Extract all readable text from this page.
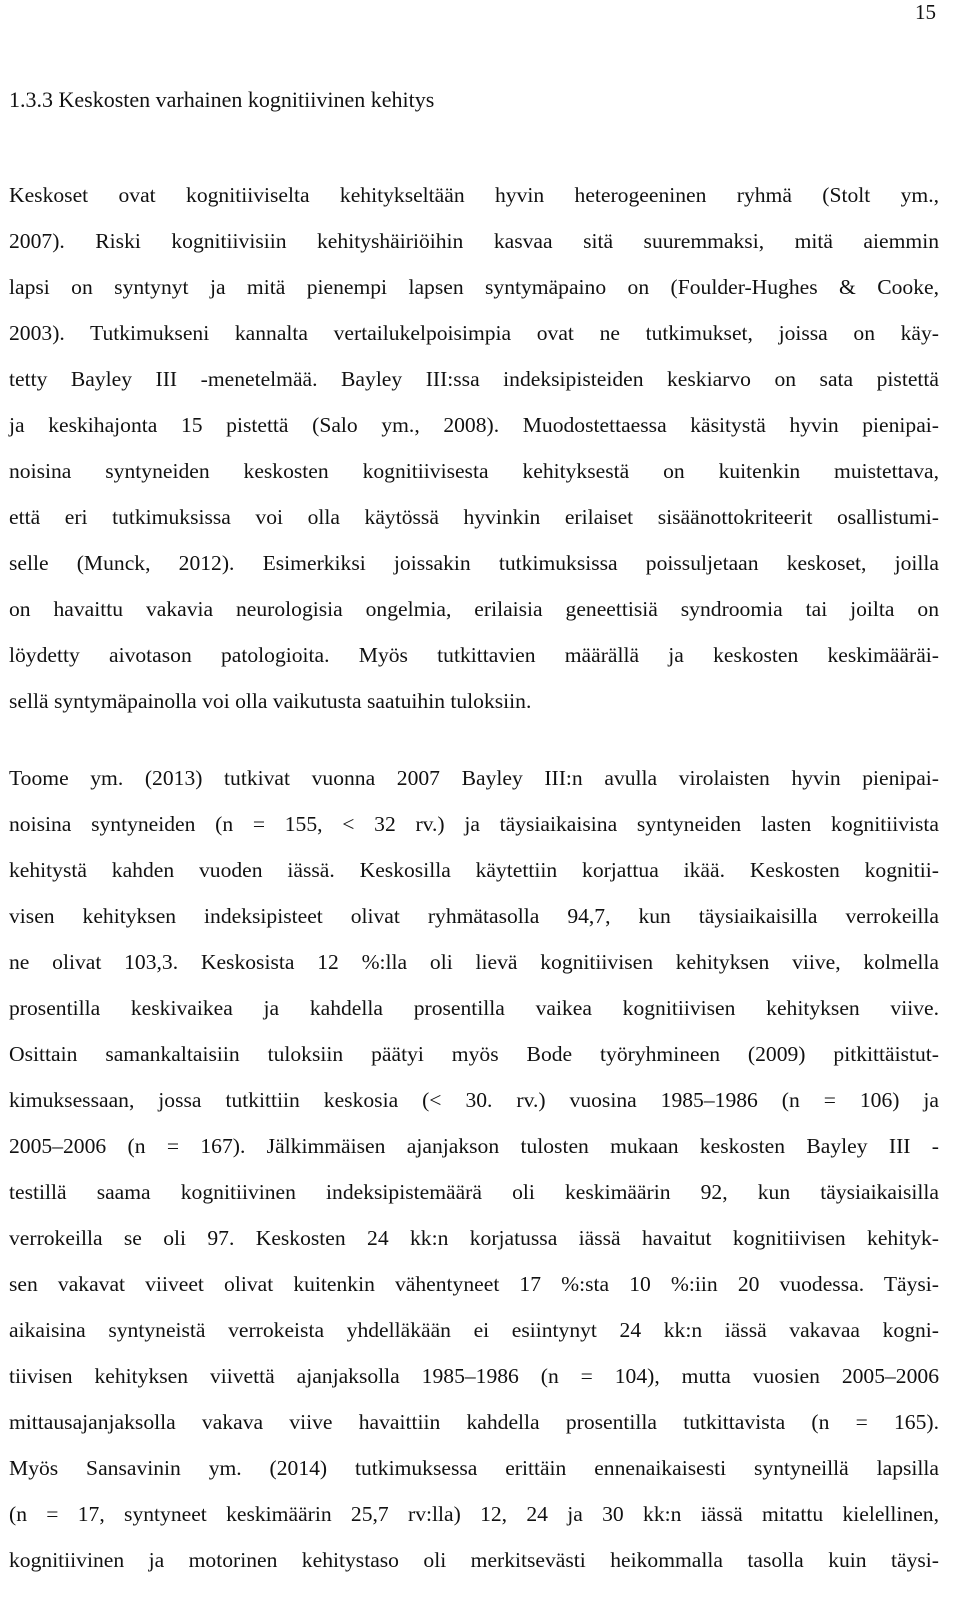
15
1.3.3 Keskosten varhainen kognitiivinen kehitys
Keskoset ovat kognitiiviselta kehitykseltään hyvin heterogeeninen ryhmä (Stolt ym.,
2007). Riski kognitiivisiin kehityshäiriöihin kasvaa sitä suuremmaksi, mitä aiemmin
lapsi on syntynyt ja mitä pienempi lapsen syntymäpaino on (Foulder-Hughes & Cooke,
2003). Tutkimukseni kannalta vertailukelpoisimpia ovat ne tutkimukset, joissa on käy-
tetty Bayley III -menetelmää. Bayley III:ssa indeksipisteiden keskiarvo on sata pistettä
ja keskihajonta 15 pistettä (Salo ym., 2008). Muodostettaessa käsitystä hyvin pienipai-
noisina syntyneiden keskosten kognitiivisesta kehityksestä on kuitenkin muistettava,
että eri tutkimuksissa voi olla käytössä hyvinkin erilaiset sisäänottokriteerit osallistumi-
selle (Munck, 2012). Esimerkiksi joissakin tutkimuksissa poissuljetaan keskoset, joilla
on havaittu vakavia neurologisia ongelmia, erilaisia geneettisiä syndroomia tai joilta on
löydetty aivotason patologioita. Myös tutkittavien määrällä ja keskosten keskimääräi-
sellä syntymäpainolla voi olla vaikutusta saatuihin tuloksiin.
Toome ym. (2013) tutkivat vuonna 2007 Bayley III:n avulla virolaisten hyvin pienipai-
noisina syntyneiden (n = 155, < 32 rv.) ja täysiaikaisina syntyneiden lasten kognitiivista
kehitystä kahden vuoden iässä. Keskosilla käytettiin korjattua ikää. Keskosten kognitii-
visen kehityksen indeksipisteet olivat ryhmätasolla 94,7, kun täysiaikaisilla verrokeilla
ne olivat 103,3. Keskosista 12 %:lla oli lievä kognitiivisen kehityksen viive, kolmella
prosentilla keskivaikea ja kahdella prosentilla vaikea kognitiivisen kehityksen viive.
Osittain samankaltaisiin tuloksiin päätyi myös Bode työryhmineen (2009) pitkittäistut-
kimuksessaan, jossa tutkittiin keskosia (< 30. rv.) vuosina 1985–1986 (n = 106) ja
2005–2006 (n = 167). Jälkimmäisen ajanjakson tulosten mukaan keskosten Bayley III -
testillä saama kognitiivinen indeksipistemäärä oli keskimäärin 92, kun täysiaikaisilla
verrokeilla se oli 97. Keskosten 24 kk:n korjatussa iässä havaitut kognitiivisen kehityk-
sen vakavat viiveet olivat kuitenkin vähentyneet 17 %:sta 10 %:iin 20 vuodessa. Täysi-
aikaisina syntyneistä verrokeista yhdelläkään ei esiintynyt 24 kk:n iässä vakavaa kogni-
tiivisen kehityksen viivettä ajanjaksolla 1985–1986 (n = 104), mutta vuosien 2005–2006
mittausajanjaksolla vakava viive havaittiin kahdella prosentilla tutkittavista (n = 165).
Myös Sansavinin ym. (2014) tutkimuksessa erittäin ennenaikaisesti syntyneillä lapsilla
(n = 17, syntyneet keskimäärin 25,7 rv:lla) 12, 24 ja 30 kk:n iässä mitattu kielellinen,
kognitiivinen ja motorinen kehitystaso oli merkitsevästi heikommalla tasolla kuin täysi-
